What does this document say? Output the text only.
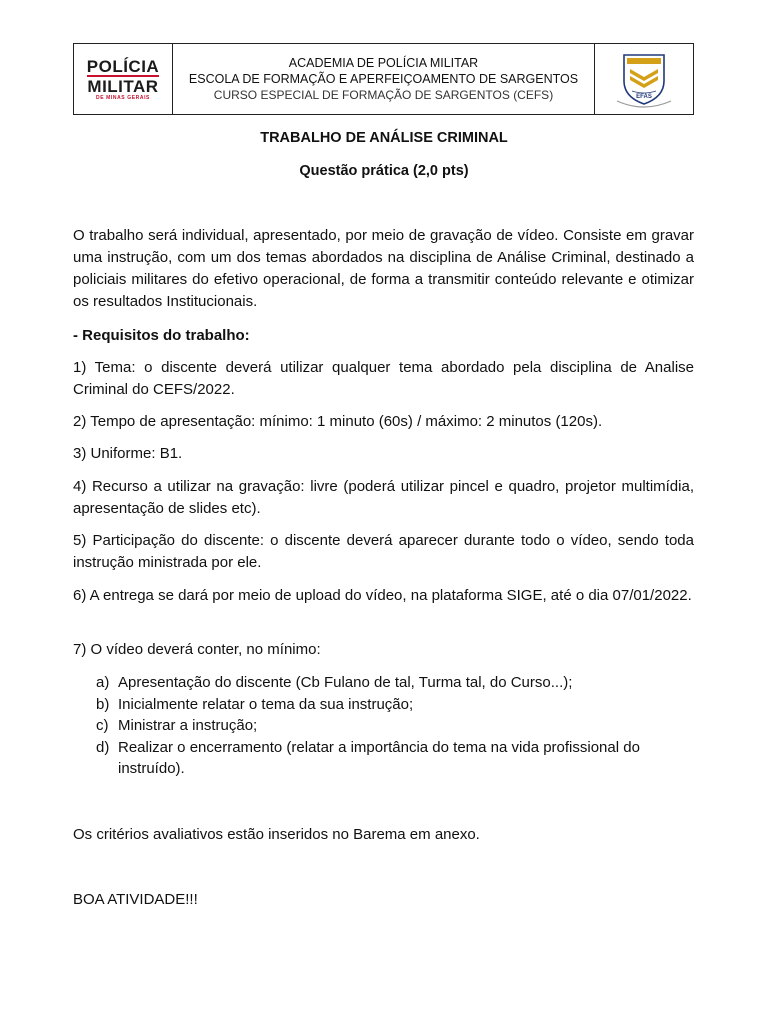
POLÍCIA
MILITAR
DE MINAS GERAIS
ACADEMIA DE POLÍCIA MILITAR
ESCOLA DE FORMAÇÃO E APERFEIÇOAMENTO DE SARGENTOS
CURSO ESPECIAL DE FORMAÇÃO DE SARGENTOS (CEFS)	EFAS
TRABALHO DE ANÁLISE CRIMINAL
Questão prática (2,0 pts)
O trabalho será individual, apresentado, por meio de gravação de vídeo. Consiste em gravar uma instrução, com um dos temas abordados na disciplina de Análise Criminal, destinado a policiais militares do efetivo operacional, de forma a transmitir conteúdo relevante e otimizar os resultados Institucionais.
- Requisitos do trabalho:
1) Tema: o discente deverá utilizar qualquer tema abordado pela disciplina de Analise Criminal do CEFS/2022.
2) Tempo de apresentação: mínimo: 1 minuto (60s) / máximo: 2 minutos (120s).
3) Uniforme: B1.
4) Recurso a utilizar na gravação: livre (poderá utilizar pincel e quadro, projetor multimídia, apresentação de slides etc).
5) Participação do discente: o discente deverá aparecer durante todo o vídeo, sendo toda instrução ministrada por ele.
6) A entrega se dará por meio de upload do vídeo, na plataforma SIGE, até o dia 07/01/2022.
7) O vídeo deverá conter, no mínimo:
a) Apresentação do discente (Cb Fulano de tal, Turma tal, do Curso...);
b) Inicialmente relatar o tema da sua instrução;
c) Ministrar a instrução;
d) Realizar o encerramento (relatar a importância do tema na vida profissional do instruído).
Os critérios avaliativos estão inseridos no Barema em anexo.
BOA ATIVIDADE!!!
